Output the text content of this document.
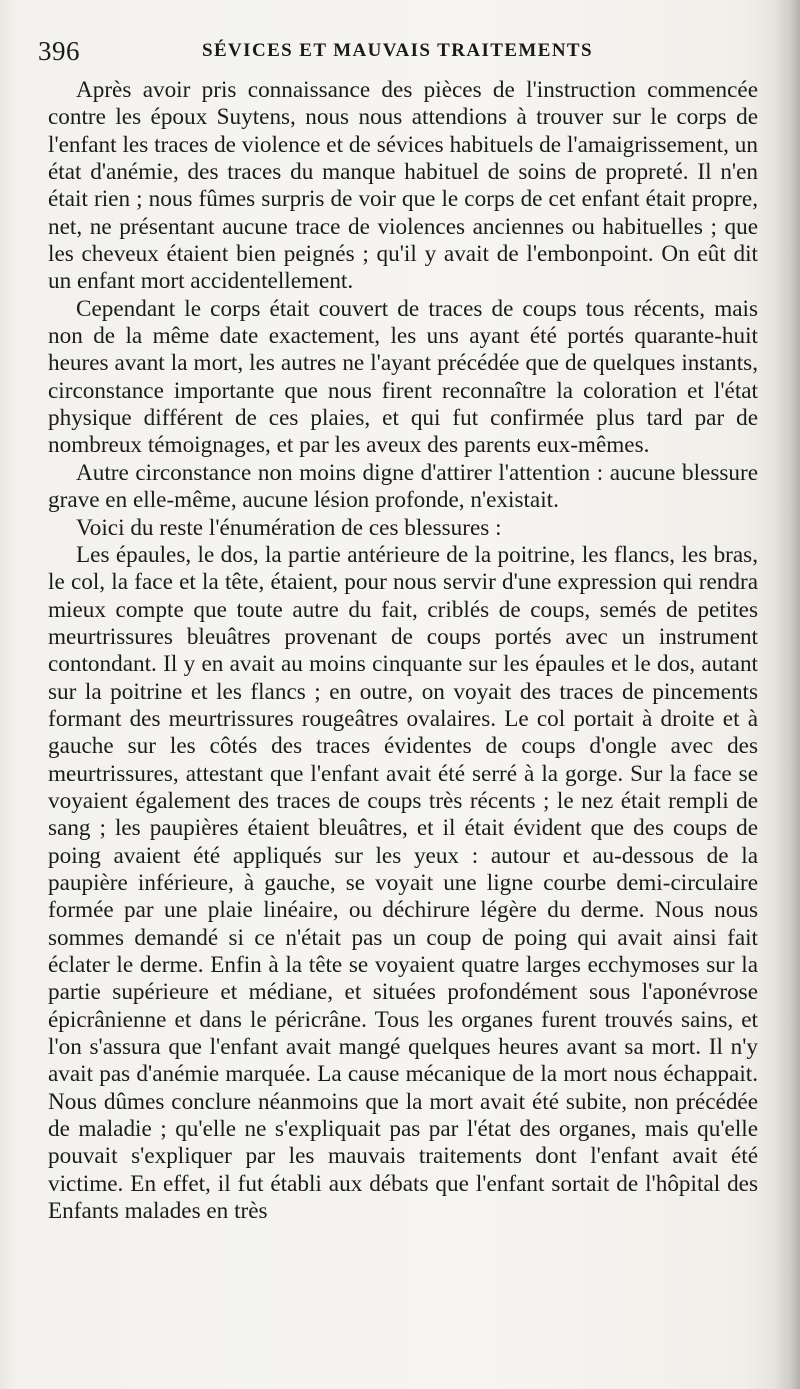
396	SÉVICES ET MAUVAIS TRAITEMENTS

Après avoir pris connaissance des pièces de l'instruction commencée contre les époux Suytens, nous nous attendions à trouver sur le corps de l'enfant les traces de violence et de sévices habituels de l'amaigrissement, un état d'anémie, des traces du manque habituel de soins de propreté. Il n'en était rien ; nous fûmes surpris de voir que le corps de cet enfant était propre, net, ne présentant aucune trace de violences anciennes ou habituelles ; que les cheveux étaient bien peignés ; qu'il y avait de l'embonpoint. On eût dit un enfant mort accidentellement.

Cependant le corps était couvert de traces de coups tous récents, mais non de la même date exactement, les uns ayant été portés quarante-huit heures avant la mort, les autres ne l'ayant précédée que de quelques instants, circonstance importante que nous firent reconnaître la coloration et l'état physique différent de ces plaies, et qui fut confirmée plus tard par de nombreux témoignages, et par les aveux des parents eux-mêmes.

Autre circonstance non moins digne d'attirer l'attention : aucune blessure grave en elle-même, aucune lésion profonde, n'existait.

Voici du reste l'énumération de ces blessures :

Les épaules, le dos, la partie antérieure de la poitrine, les flancs, les bras, le col, la face et la tête, étaient, pour nous servir d'une expression qui rendra mieux compte que toute autre du fait, criblés de coups, semés de petites meurtrissures bleuâtres provenant de coups portés avec un instrument contondant. Il y en avait au moins cinquante sur les épaules et le dos, autant sur la poitrine et les flancs ; en outre, on voyait des traces de pincements formant des meurtrissures rougeâtres ovalaires. Le col portait à droite et à gauche sur les côtés des traces évidentes de coups d'ongle avec des meurtrissures, attestant que l'enfant avait été serré à la gorge. Sur la face se voyaient également des traces de coups très récents ; le nez était rempli de sang ; les paupières étaient bleuâtres, et il était évident que des coups de poing avaient été appliqués sur les yeux : autour et au-dessous de la paupière inférieure, à gauche, se voyait une ligne courbe demi-circulaire formée par une plaie linéaire, ou déchirure légère du derme. Nous nous sommes demandé si ce n'était pas un coup de poing qui avait ainsi fait éclater le derme. Enfin à la tête se voyaient quatre larges ecchymoses sur la partie supérieure et médiane, et situées profondément sous l'aponévrose épicrânienne et dans le péricrâne. Tous les organes furent trouvés sains, et l'on s'assura que l'enfant avait mangé quelques heures avant sa mort. Il n'y avait pas d'anémie marquée. La cause mécanique de la mort nous échappait. Nous dûmes conclure néanmoins que la mort avait été subite, non précédée de maladie ; qu'elle ne s'expliquait pas par l'état des organes, mais qu'elle pouvait s'expliquer par les mauvais traitements dont l'enfant avait été victime. En effet, il fut établi aux débats que l'enfant sortait de l'hôpital des Enfants malades en très
